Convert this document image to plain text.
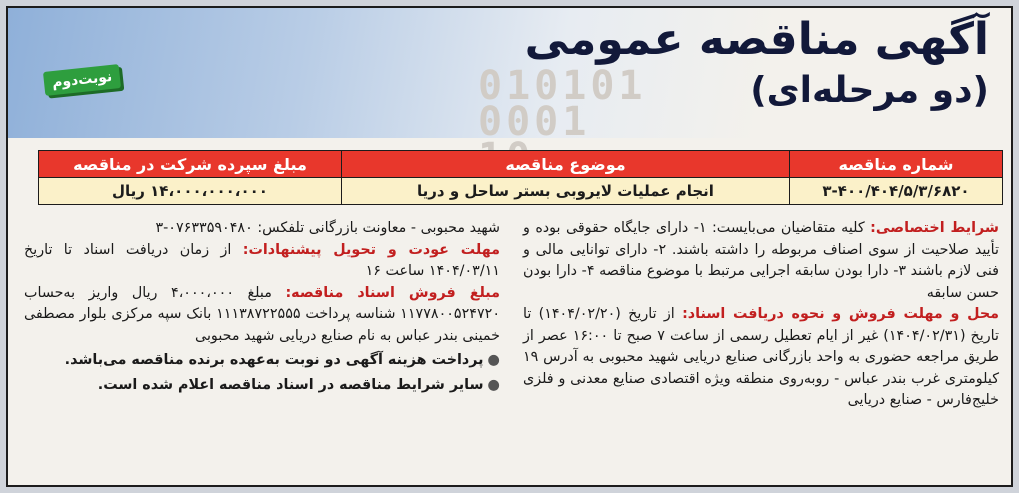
010101
0001
آگهی مناقصه عمومی
(دو مرحله‌ای)
نوبت‌دوم
شماره مناقصه	موضوع مناقصه	مبلغ سپرده شرکت در مناقصه
۳-۴۰۰/۴۰۴/۵/۳/۶۸۲۰	انجام عملیات لایروبی بستر ساحل و دریا	۱۴،۰۰۰،۰۰۰،۰۰۰ ریال

شرایط اختصاصی: کلیه متقاضیان می‌بایست: ۱- دارای جایگاه حقوقی بوده و تأیید صلاحیت از سوی اصناف مربوطه را داشته باشند. ۲- دارای توانایی مالی و فنی لازم باشند ۳- دارا بودن سابقه اجرایی مرتبط با موضوع مناقصه ۴- دارا بودن حسن سابقه

محل و مهلت فروش و نحوه دریافت اسناد: از تاریخ (۱۴۰۴/۰۲/۲۰) تا تاریخ (۱۴۰۴/۰۲/۳۱) غیر از ایام تعطیل رسمی از ساعت ۷ صبح تا ۱۶:۰۰ عصر از طریق مراجعه حضوری به واحد بازرگانی صنایع دریایی شهید محبوبی به آدرس ۱۹ کیلومتری غرب بندر عباس - روبه‌روی منطقه ویژه اقتصادی صنایع معدنی و فلزی خلیج‌فارس - صنایع دریایی

شهید محبوبی - معاونت بازرگانی تلفکس: ۰۷۶۳۳۵۹۰۴۸۰-۳

مهلت عودت و تحویل پیشنهادات: از زمان دریافت اسناد تا تاریخ ۱۴۰۴/۰۳/۱۱ ساعت ۱۶

مبلغ فروش اسناد مناقصه: مبلغ ۴،۰۰۰،۰۰۰ ریال واریز به‌حساب ۱۱۷۷۸۰۰۵۲۴۷۲۰ شناسه پرداخت ۱۱۱۳۸۷۲۲۵۵۵ بانک سپه مرکزی بلوار مصطفی خمینی بندر عباس به نام صنایع دریایی شهید محبوبی

●پرداخت هزینه آگهی دو نوبت به‌عهده برنده مناقصه می‌باشد.

●سایر شرایط مناقصه در اسناد مناقصه اعلام شده است.
